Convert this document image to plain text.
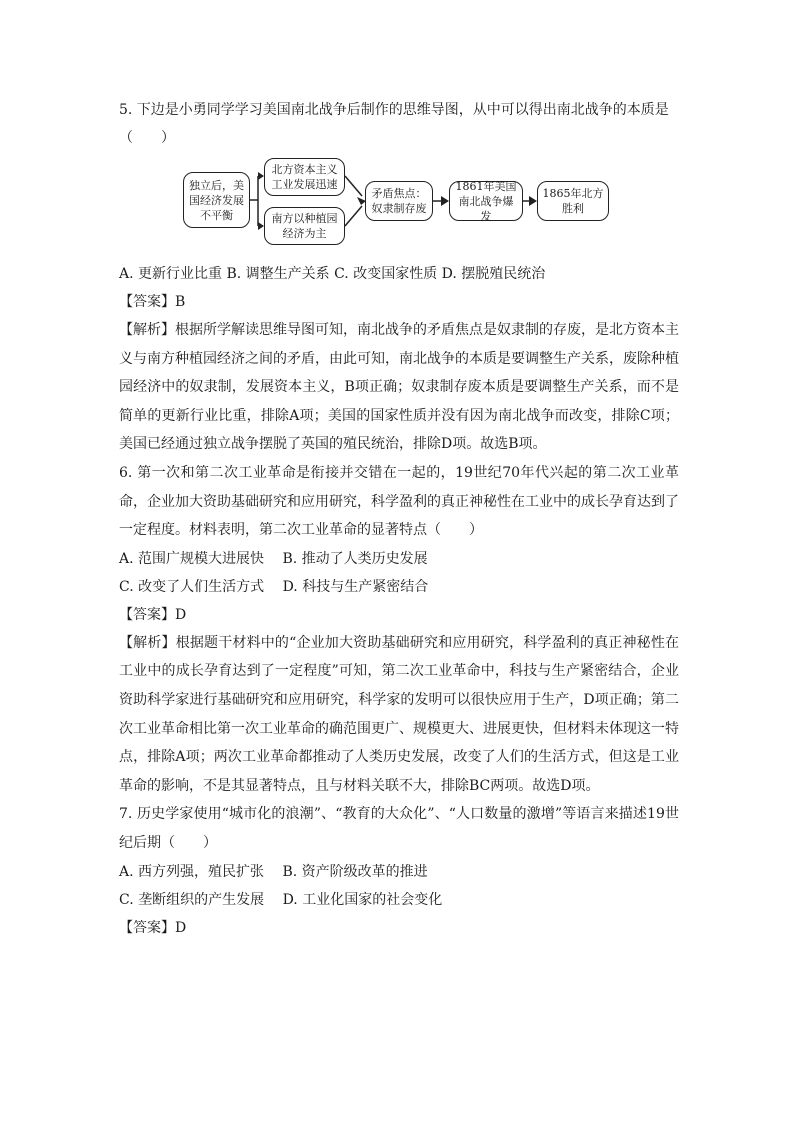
5. 下边是小勇同学学习美国南北战争后制作的思维导图，从中可以得出南北战争的本质是
（　　）
独立后，美国经济发展不平衡
北方资本主义工业发展迅速
南方以种植园经济为主
矛盾焦点：奴隶制存废
1861年美国南北战争爆发
1865年北方胜利
A. 更新行业比重 B. 调整生产关系 C. 改变国家性质 D. 摆脱殖民统治
【答案】B
【解析】根据所学解读思维导图可知，南北战争的矛盾焦点是奴隶制的存废，是北方资本主义与南方种植园经济之间的矛盾，由此可知，南北战争的本质是要调整生产关系，废除种植园经济中的奴隶制，发展资本主义，B项正确；奴隶制存废本质是要调整生产关系，而不是简单的更新行业比重，排除A项；美国的国家性质并没有因为南北战争而改变，排除C项；美国已经通过独立战争摆脱了英国的殖民统治，排除D项。故选B项。
6. 第一次和第二次工业革命是衔接并交错在一起的，19世纪70年代兴起的第二次工业革命，企业加大资助基础研究和应用研究，科学盈利的真正神秘性在工业中的成长孕育达到了一定程度。材料表明，第二次工业革命的显著特点（　　）
A. 范围广规模大进展快 B. 推动了人类历史发展
C. 改变了人们生活方式 D. 科技与生产紧密结合
【答案】D
【解析】根据题干材料中的“企业加大资助基础研究和应用研究，科学盈利的真正神秘性在工业中的成长孕育达到了一定程度”可知，第二次工业革命中，科技与生产紧密结合，企业资助科学家进行基础研究和应用研究，科学家的发明可以很快应用于生产，D项正确；第二次工业革命相比第一次工业革命的确范围更广、规模更大、进展更快，但材料未体现这一特点，排除A项；两次工业革命都推动了人类历史发展，改变了人们的生活方式，但这是工业革命的影响，不是其显著特点，且与材料关联不大，排除BC两项。故选D项。
7. 历史学家使用“城市化的浪潮”、“教育的大众化”、“人口数量的激增”等语言来描述19世纪后期（　　）
A. 西方列强，殖民扩张 B. 资产阶级改革的推进
C. 垄断组织的产生发展 D. 工业化国家的社会变化
【答案】D
